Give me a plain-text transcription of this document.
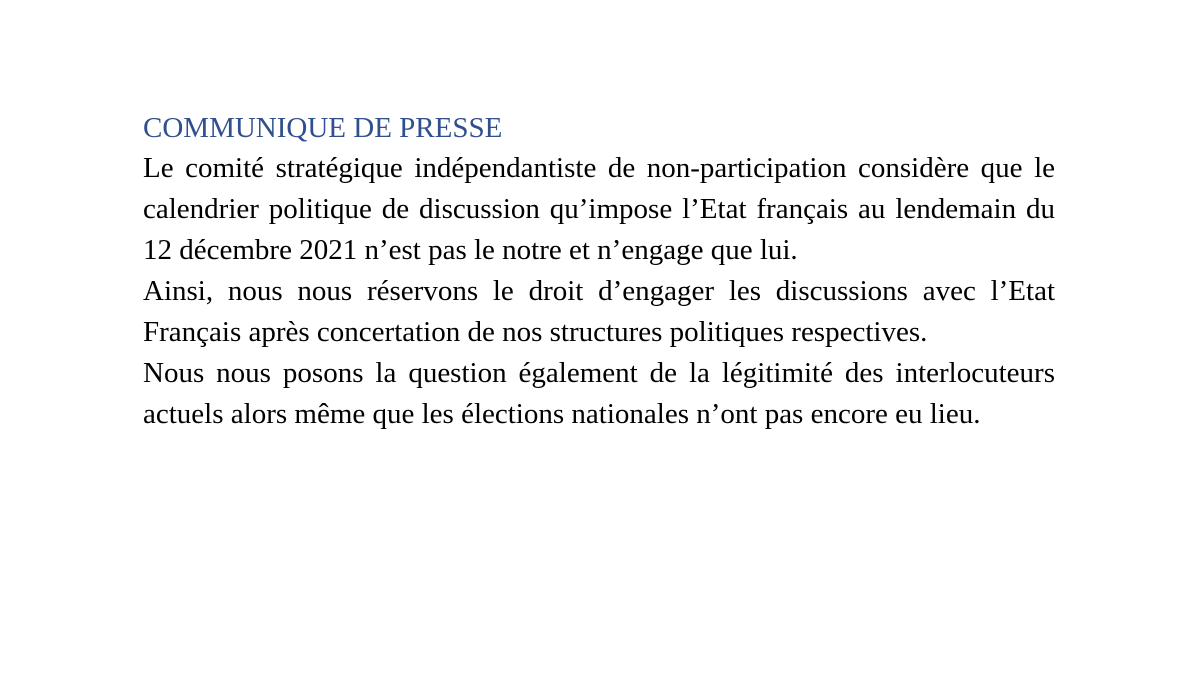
COMMUNIQUE DE PRESSE

Le comité stratégique indépendantiste de non-participation considère que le calendrier politique de discussion qu’impose l’Etat français au lendemain du 12 décembre 2021 n’est pas le notre et n’engage que lui.

Ainsi, nous nous réservons le droit d’engager les discussions avec l’Etat Français après concertation de nos structures politiques respectives.

Nous nous posons la question également de la légitimité des interlocuteurs actuels alors même que les élections nationales n’ont pas encore eu lieu.
